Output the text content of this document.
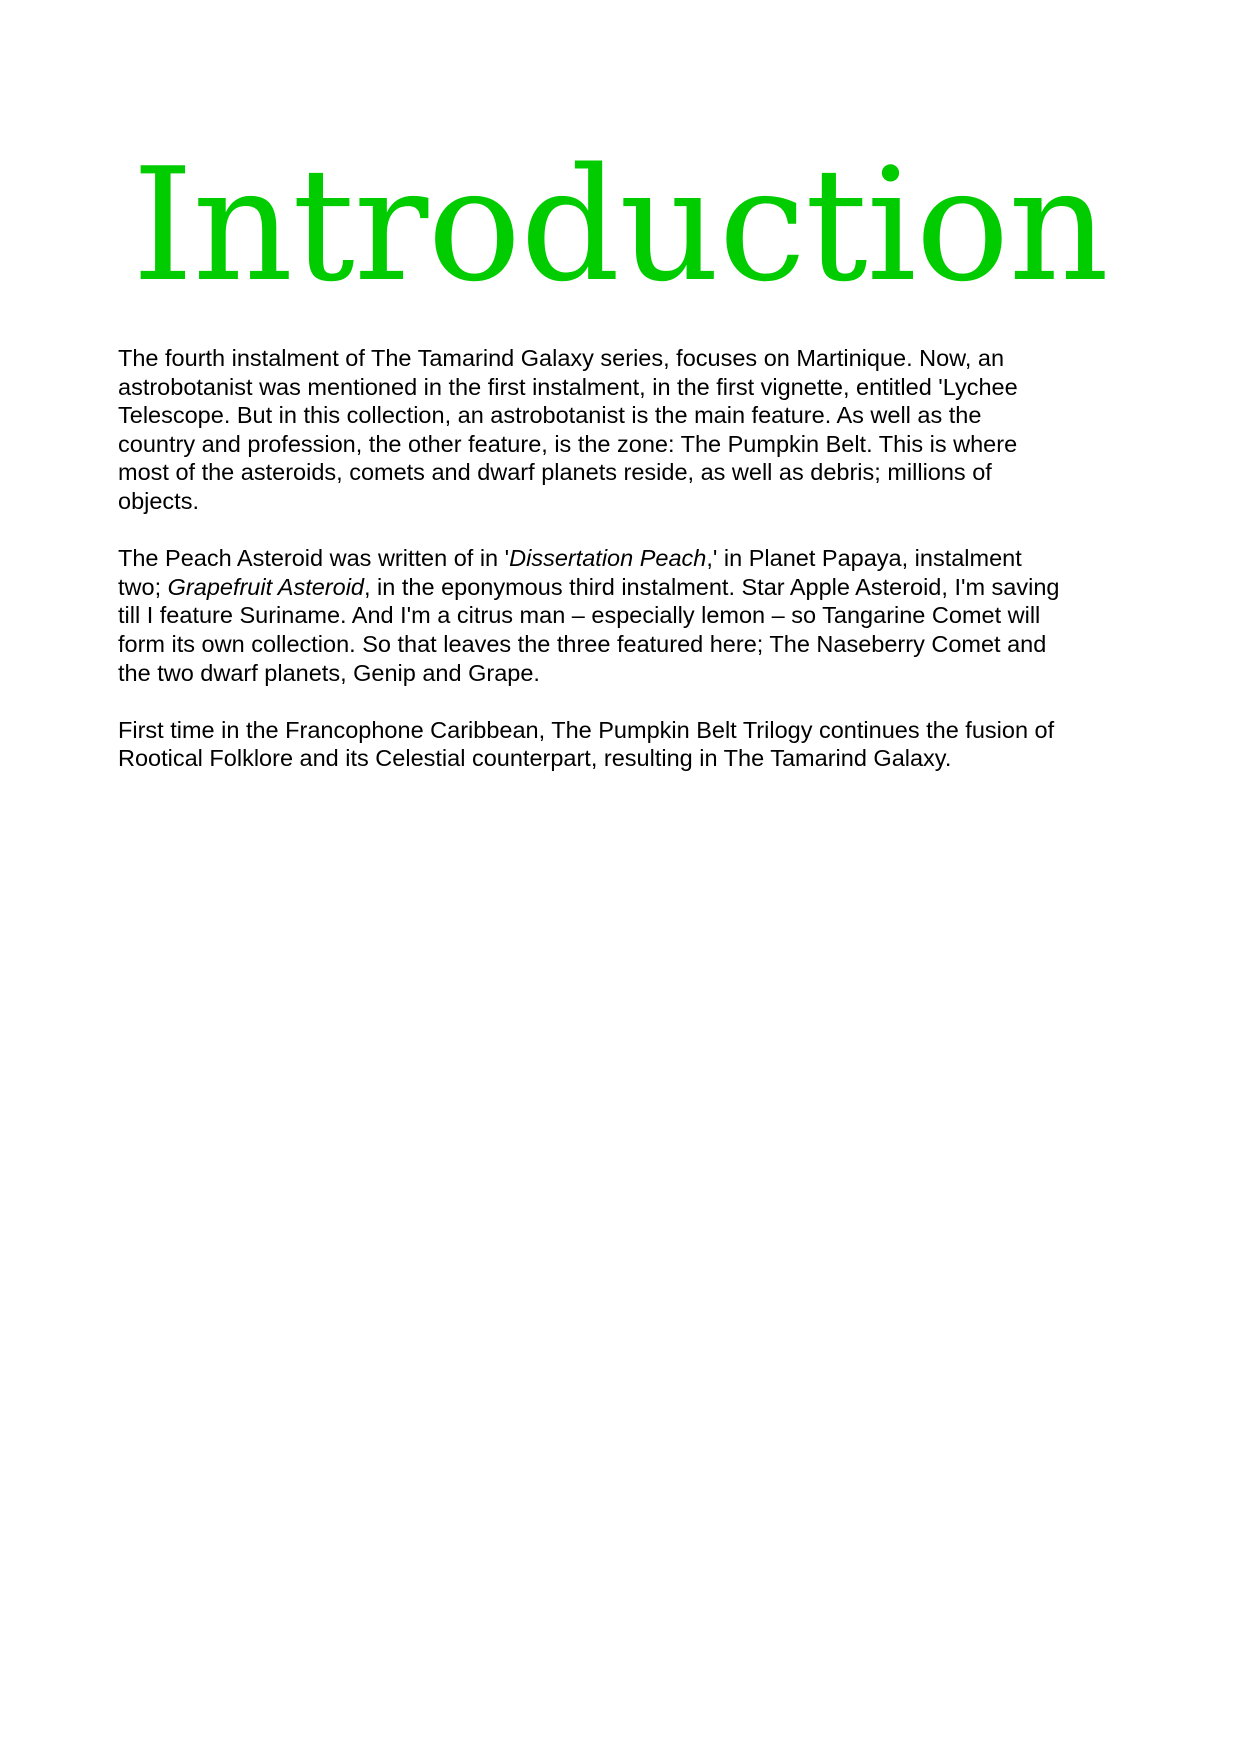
Introduction

The fourth instalment of The Tamarind Galaxy series, focuses on Martinique. Now, an
astrobotanist was mentioned in the first instalment, in the first vignette, entitled 'Lychee
Telescope. But in this collection, an astrobotanist is the main feature. As well as the
country and profession, the other feature, is the zone: The Pumpkin Belt. This is where
most of the asteroids, comets and dwarf planets reside, as well as debris; millions of
objects.

The Peach Asteroid was written of in 'Dissertation Peach,' in Planet Papaya, instalment
two; Grapefruit Asteroid, in the eponymous third instalment. Star Apple Asteroid, I'm saving
till I feature Suriname. And I'm a citrus man – especially lemon – so Tangarine Comet will
form its own collection. So that leaves the three featured here; The Naseberry Comet and
the two dwarf planets, Genip and Grape.

First time in the Francophone Caribbean, The Pumpkin Belt Trilogy continues the fusion of
Rootical Folklore and its Celestial counterpart, resulting in The Tamarind Galaxy.
